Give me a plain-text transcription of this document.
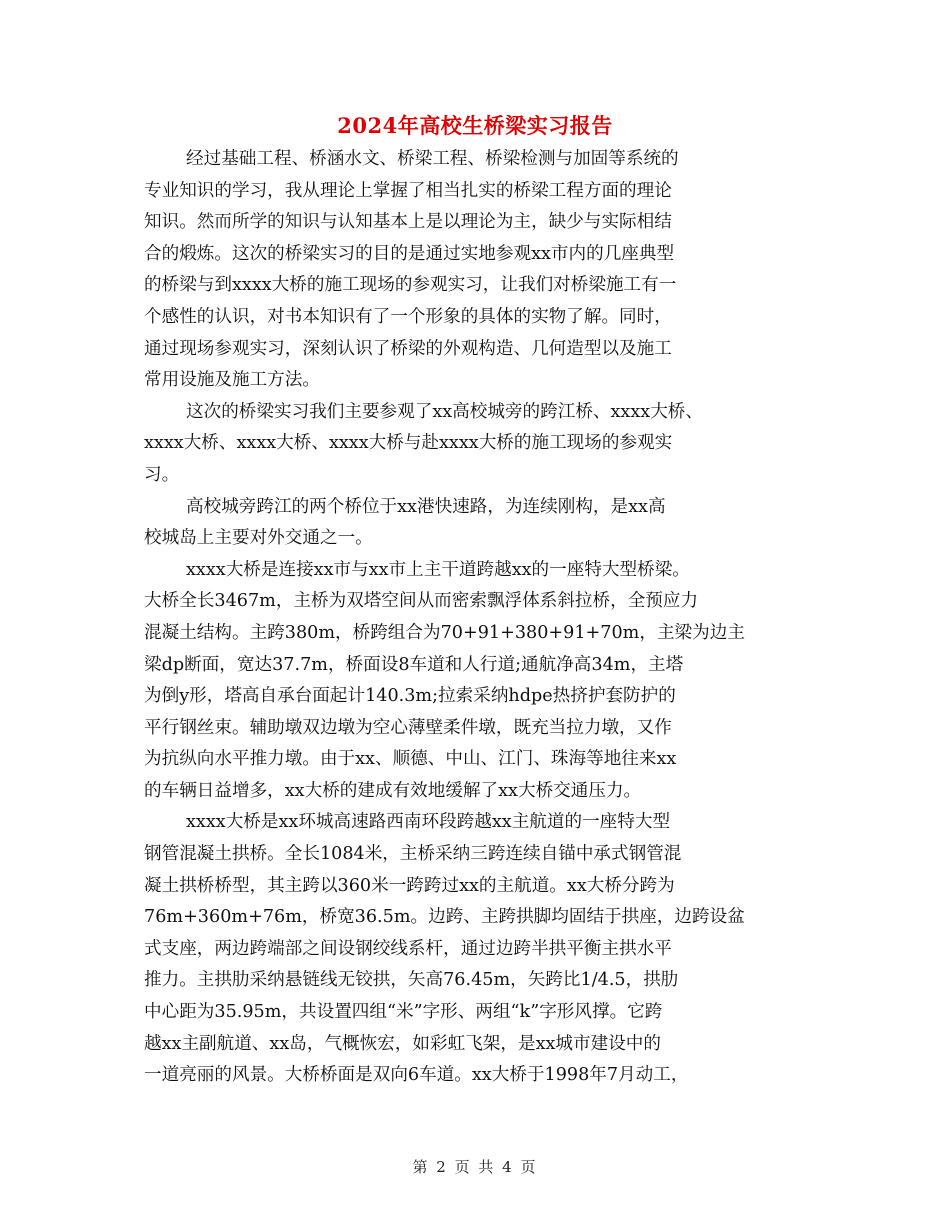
2024年高校生桥梁实习报告

经过基础工程、桥涵水文、桥梁工程、桥梁检测与加固等系统的
专业知识的学习，我从理论上掌握了相当扎实的桥梁工程方面的理论
知识。然而所学的知识与认知基本上是以理论为主，缺少与实际相结
合的煅炼。这次的桥梁实习的目的是通过实地参观xx市内的几座典型
的桥梁与到xxxx大桥的施工现场的参观实习，让我们对桥梁施工有一
个感性的认识，对书本知识有了一个形象的具体的实物了解。同时，
通过现场参观实习，深刻认识了桥梁的外观构造、几何造型以及施工
常用设施及施工方法。

这次的桥梁实习我们主要参观了xx高校城旁的跨江桥、xxxx大桥、
xxxx大桥、xxxx大桥、xxxx大桥与赴xxxx大桥的施工现场的参观实
习。

高校城旁跨江的两个桥位于xx港快速路，为连续刚构，是xx高
校城岛上主要对外交通之一。

xxxx大桥是连接xx市与xx市上主干道跨越xx的一座特大型桥梁。
大桥全长3467m，主桥为双塔空间从而密索飘浮体系斜拉桥，全预应力
混凝土结构。主跨380m，桥跨组合为70+91+380+91+70m，主梁为边主
梁dp断面，宽达37.7m，桥面设8车道和人行道;通航净高34m，主塔
为倒y形，塔高自承台面起计140.3m;拉索采纳hdpe热挤护套防护的
平行钢丝束。辅助墩双边墩为空心薄壁柔件墩，既充当拉力墩，又作
为抗纵向水平推力墩。由于xx、顺德、中山、江门、珠海等地往来xx
的车辆日益增多，xx大桥的建成有效地缓解了xx大桥交通压力。

xxxx大桥是xx环城高速路西南环段跨越xx主航道的一座特大型
钢管混凝土拱桥。全长1084米，主桥采纳三跨连续自锚中承式钢管混
凝土拱桥桥型，其主跨以360米一跨跨过xx的主航道。xx大桥分跨为
76m+360m+76m，桥宽36.5m。边跨、主跨拱脚均固结于拱座，边跨设盆
式支座，两边跨端部之间设钢绞线系杆，通过边跨半拱平衡主拱水平
推力。主拱肋采纳悬链线无铰拱，矢高76.45m，矢跨比1/4.5，拱肋
中心距为35.95m，共设置四组“米”字形、两组“k”字形风撑。它跨
越xx主副航道、xx岛，气概恢宏，如彩虹飞架，是xx城市建设中的
一道亮丽的风景。大桥桥面是双向6车道。xx大桥于1998年7月动工，

第 2 页 共 4 页
